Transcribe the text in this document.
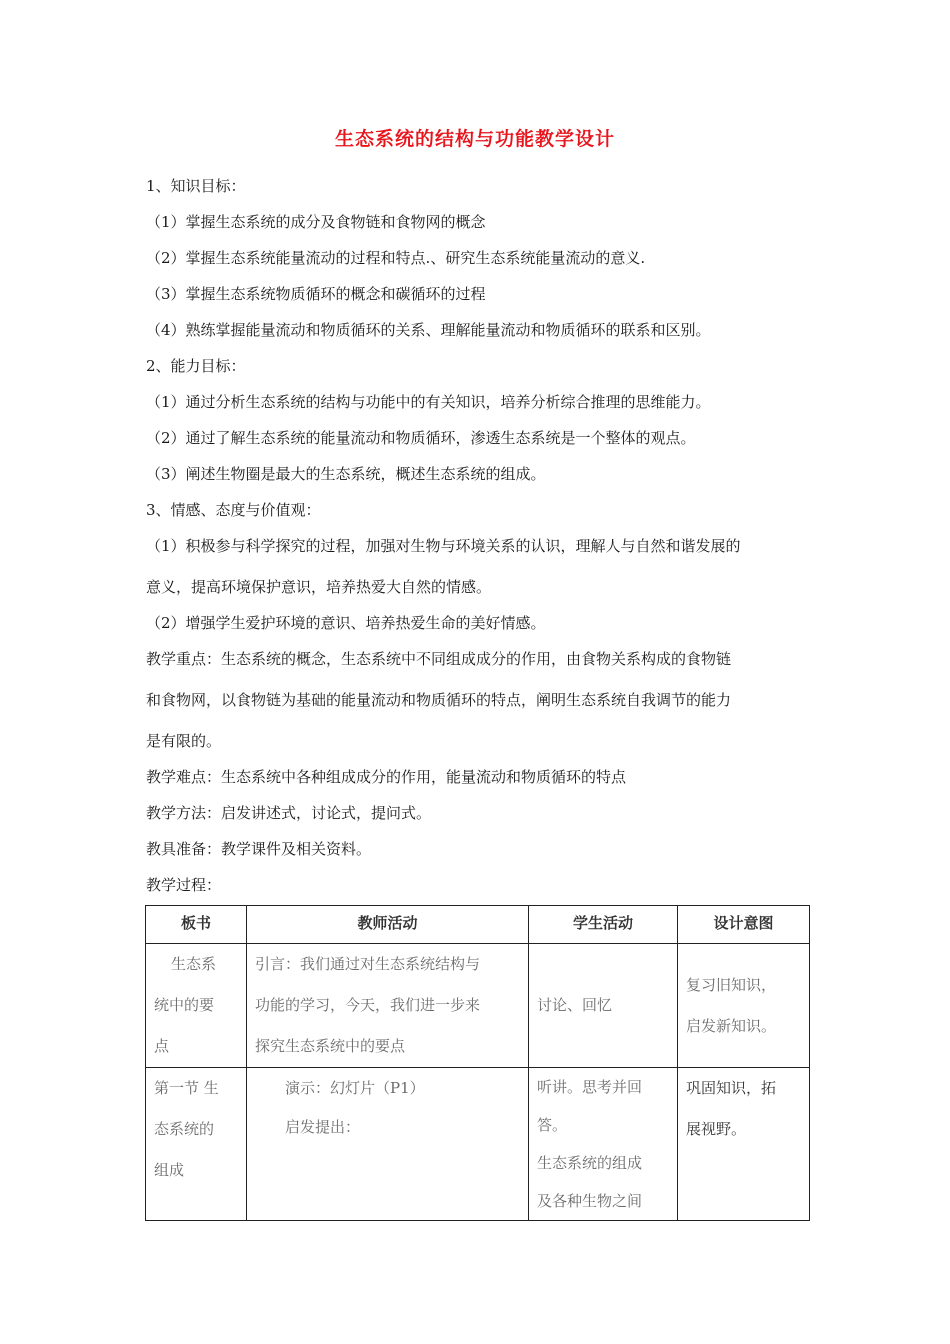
生态系统的结构与功能教学设计
1、知识目标：
（1）掌握生态系统的成分及食物链和食物网的概念
（2）掌握生态系统能量流动的过程和特点.、研究生态系统能量流动的意义.
（3）掌握生态系统物质循环的概念和碳循环的过程
（4）熟练掌握能量流动和物质循环的关系、理解能量流动和物质循环的联系和区别。
2、能力目标：
（1）通过分析生态系统的结构与功能中的有关知识，培养分析综合推理的思维能力。
（2）通过了解生态系统的能量流动和物质循环，渗透生态系统是一个整体的观点。
（3）阐述生物圈是最大的生态系统，概述生态系统的组成。
3、情感、态度与价值观：
（1）积极参与科学探究的过程，加强对生物与环境关系的认识，理解人与自然和谐发展的
意义，提高环境保护意识，培养热爱大自然的情感。
（2）增强学生爱护环境的意识、培养热爱生命的美好情感。
教学重点：生态系统的概念，生态系统中不同组成成分的作用，由食物关系构成的食物链
和食物网，以食物链为基础的能量流动和物质循环的特点，阐明生态系统自我调节的能力
是有限的。
教学难点：生态系统中各种组成成分的作用，能量流动和物质循环的特点
教学方法：启发讲述式，讨论式，提问式。
教具准备：教学课件及相关资料。
教学过程：
板书	教师活动	学生活动	设计意图

生态系
统中的要
点	引言：我们通过对生态系统结构与
功能的学习，今天，我们进一步来
探究生态系统中的要点	讨论、回忆	复习旧知识，
启发新知识。

第一节 生
态系统的
组成	演示：幻灯片（P1）
启发提出：	听讲。思考并回
答。
生态系统的组成
及各种生物之间	巩固知识，拓
展视野。
